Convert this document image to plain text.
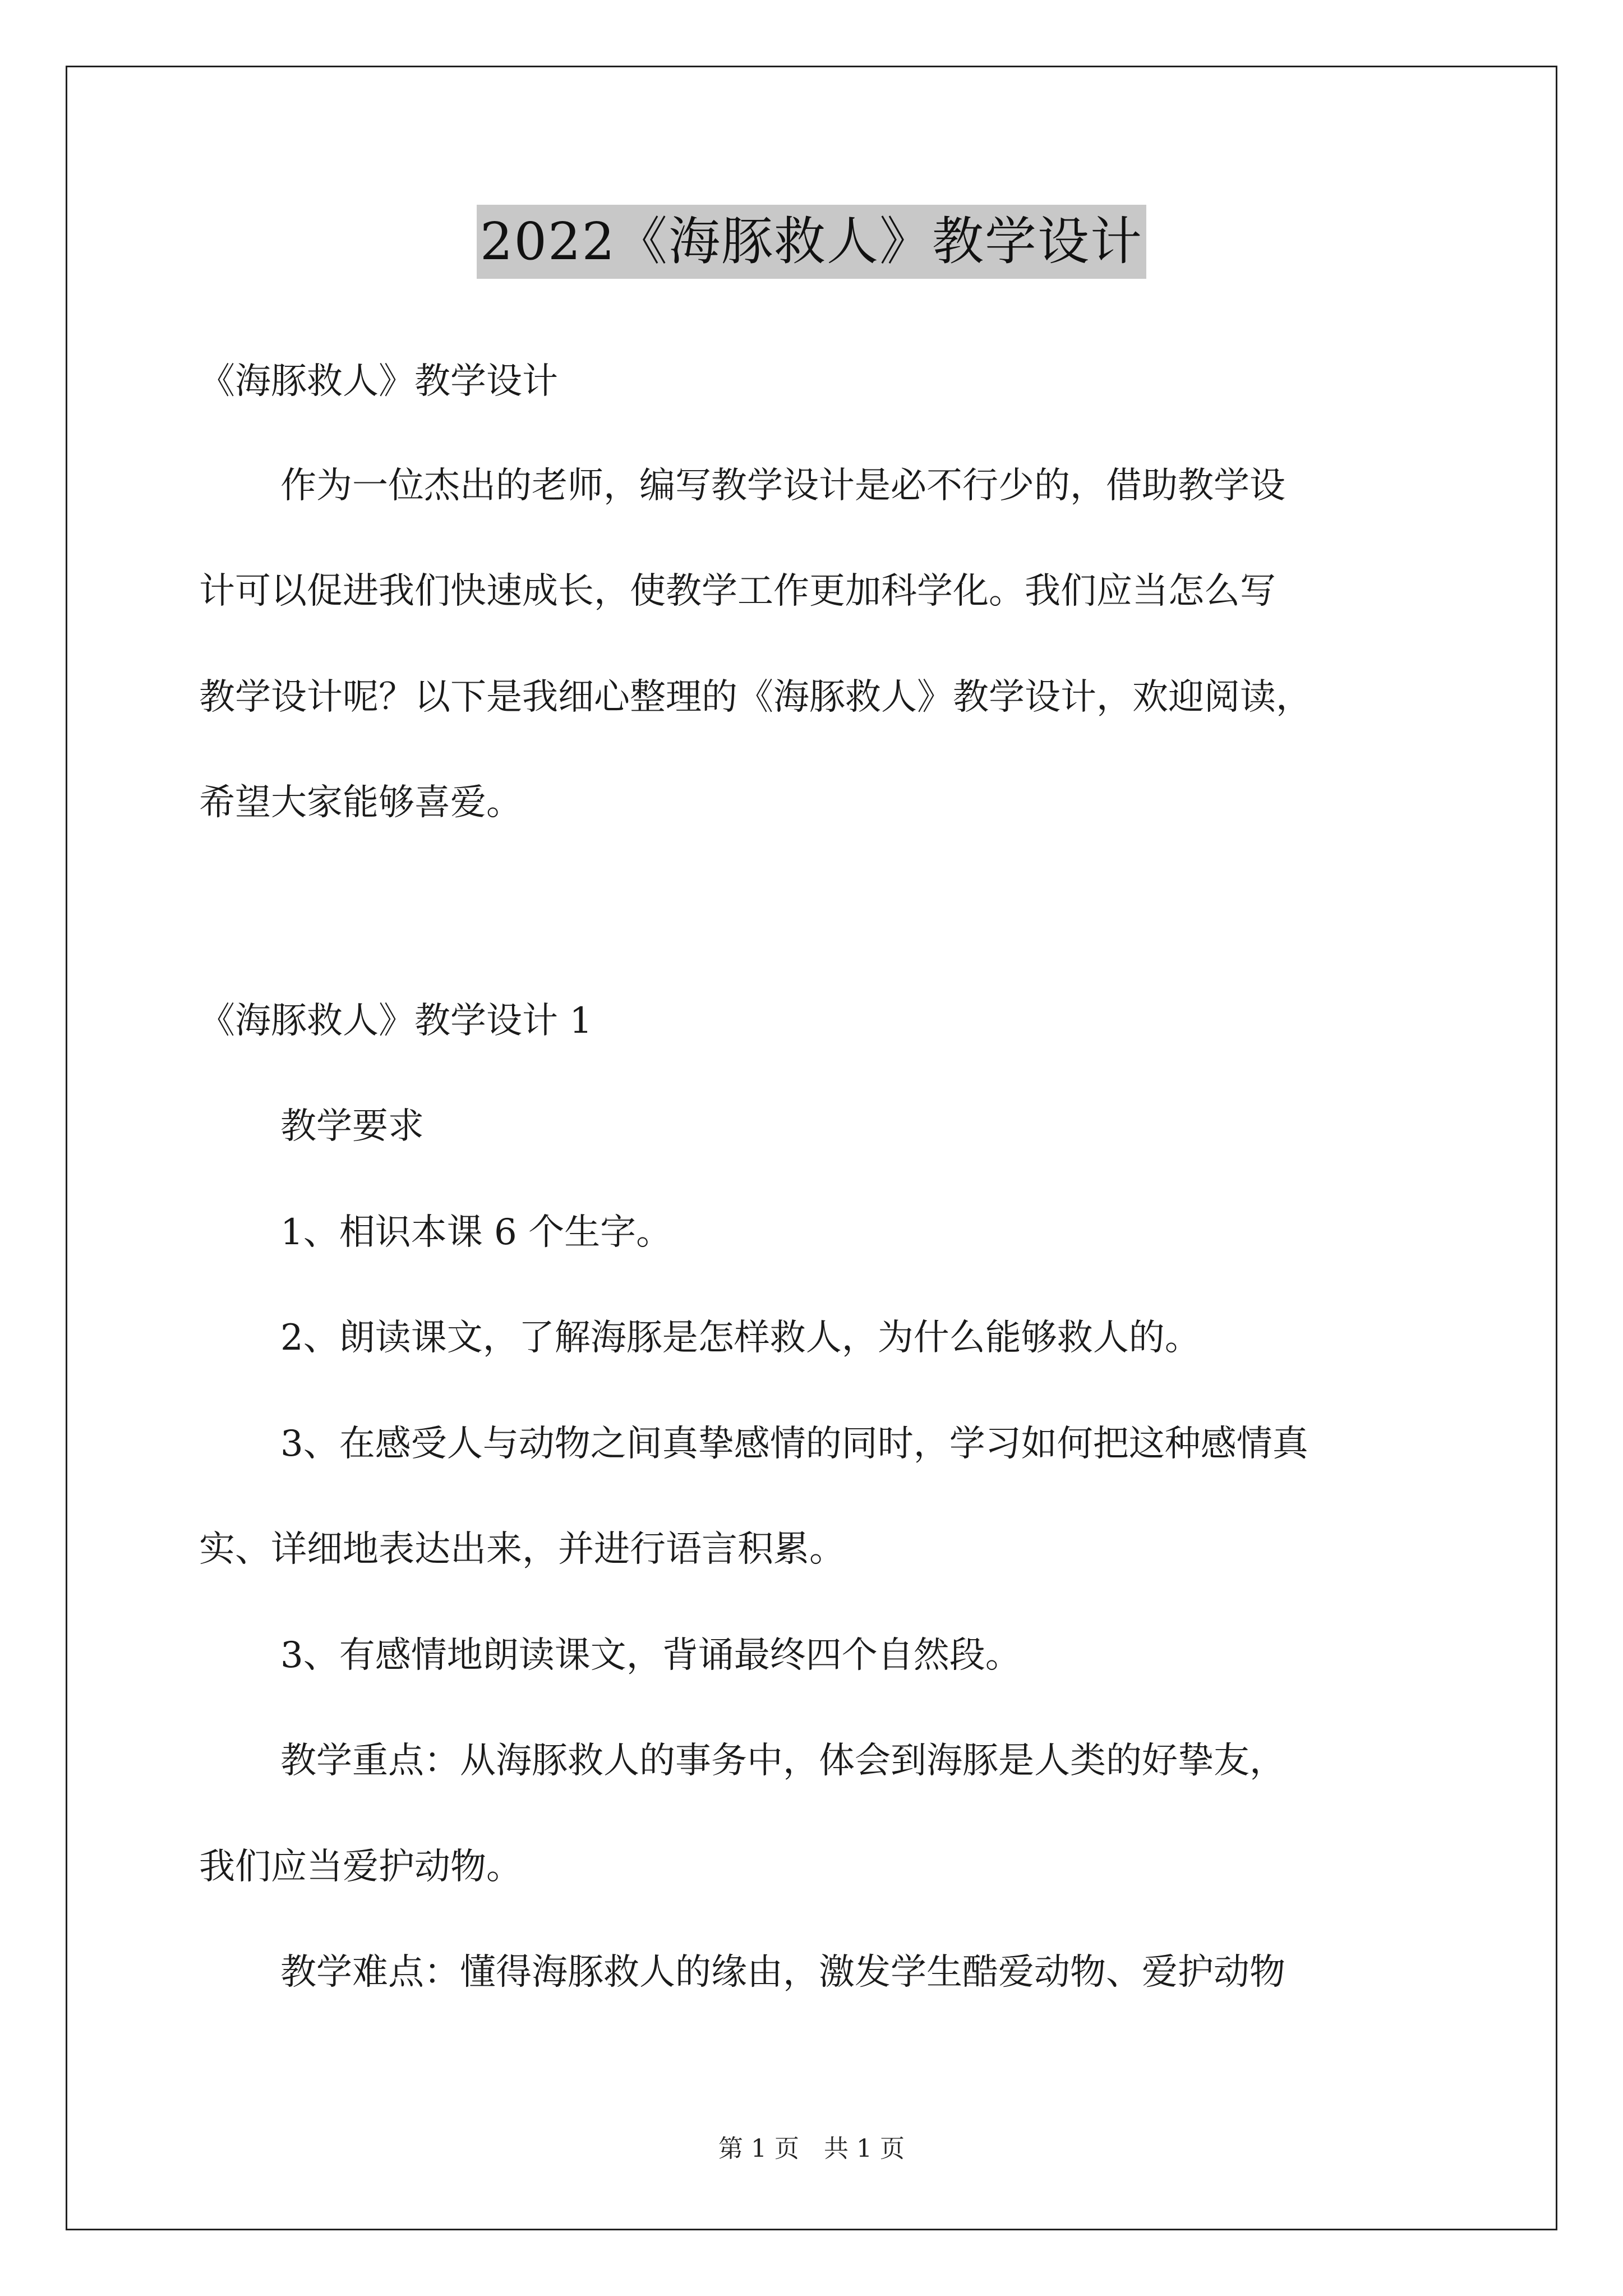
2022《海豚救人》教学设计
《海豚救人》教学设计
作为一位杰出的老师，编写教学设计是必不行少的，借助教学设
计可以促进我们快速成长，使教学工作更加科学化。我们应当怎么写
教学设计呢？以下是我细心整理的《海豚救人》教学设计，欢迎阅读，
希望大家能够喜爱。
《海豚救人》教学设计 1
教学要求
1、相识本课 6 个生字。
2、朗读课文，了解海豚是怎样救人，为什么能够救人的。
3、在感受人与动物之间真挚感情的同时，学习如何把这种感情真
实、详细地表达出来，并进行语言积累。
3、有感情地朗读课文，背诵最终四个自然段。
教学重点：从海豚救人的事务中，体会到海豚是人类的好挚友，
我们应当爱护动物。
教学难点：懂得海豚救人的缘由，激发学生酷爱动物、爱护动物
第 1 页　共 1 页
